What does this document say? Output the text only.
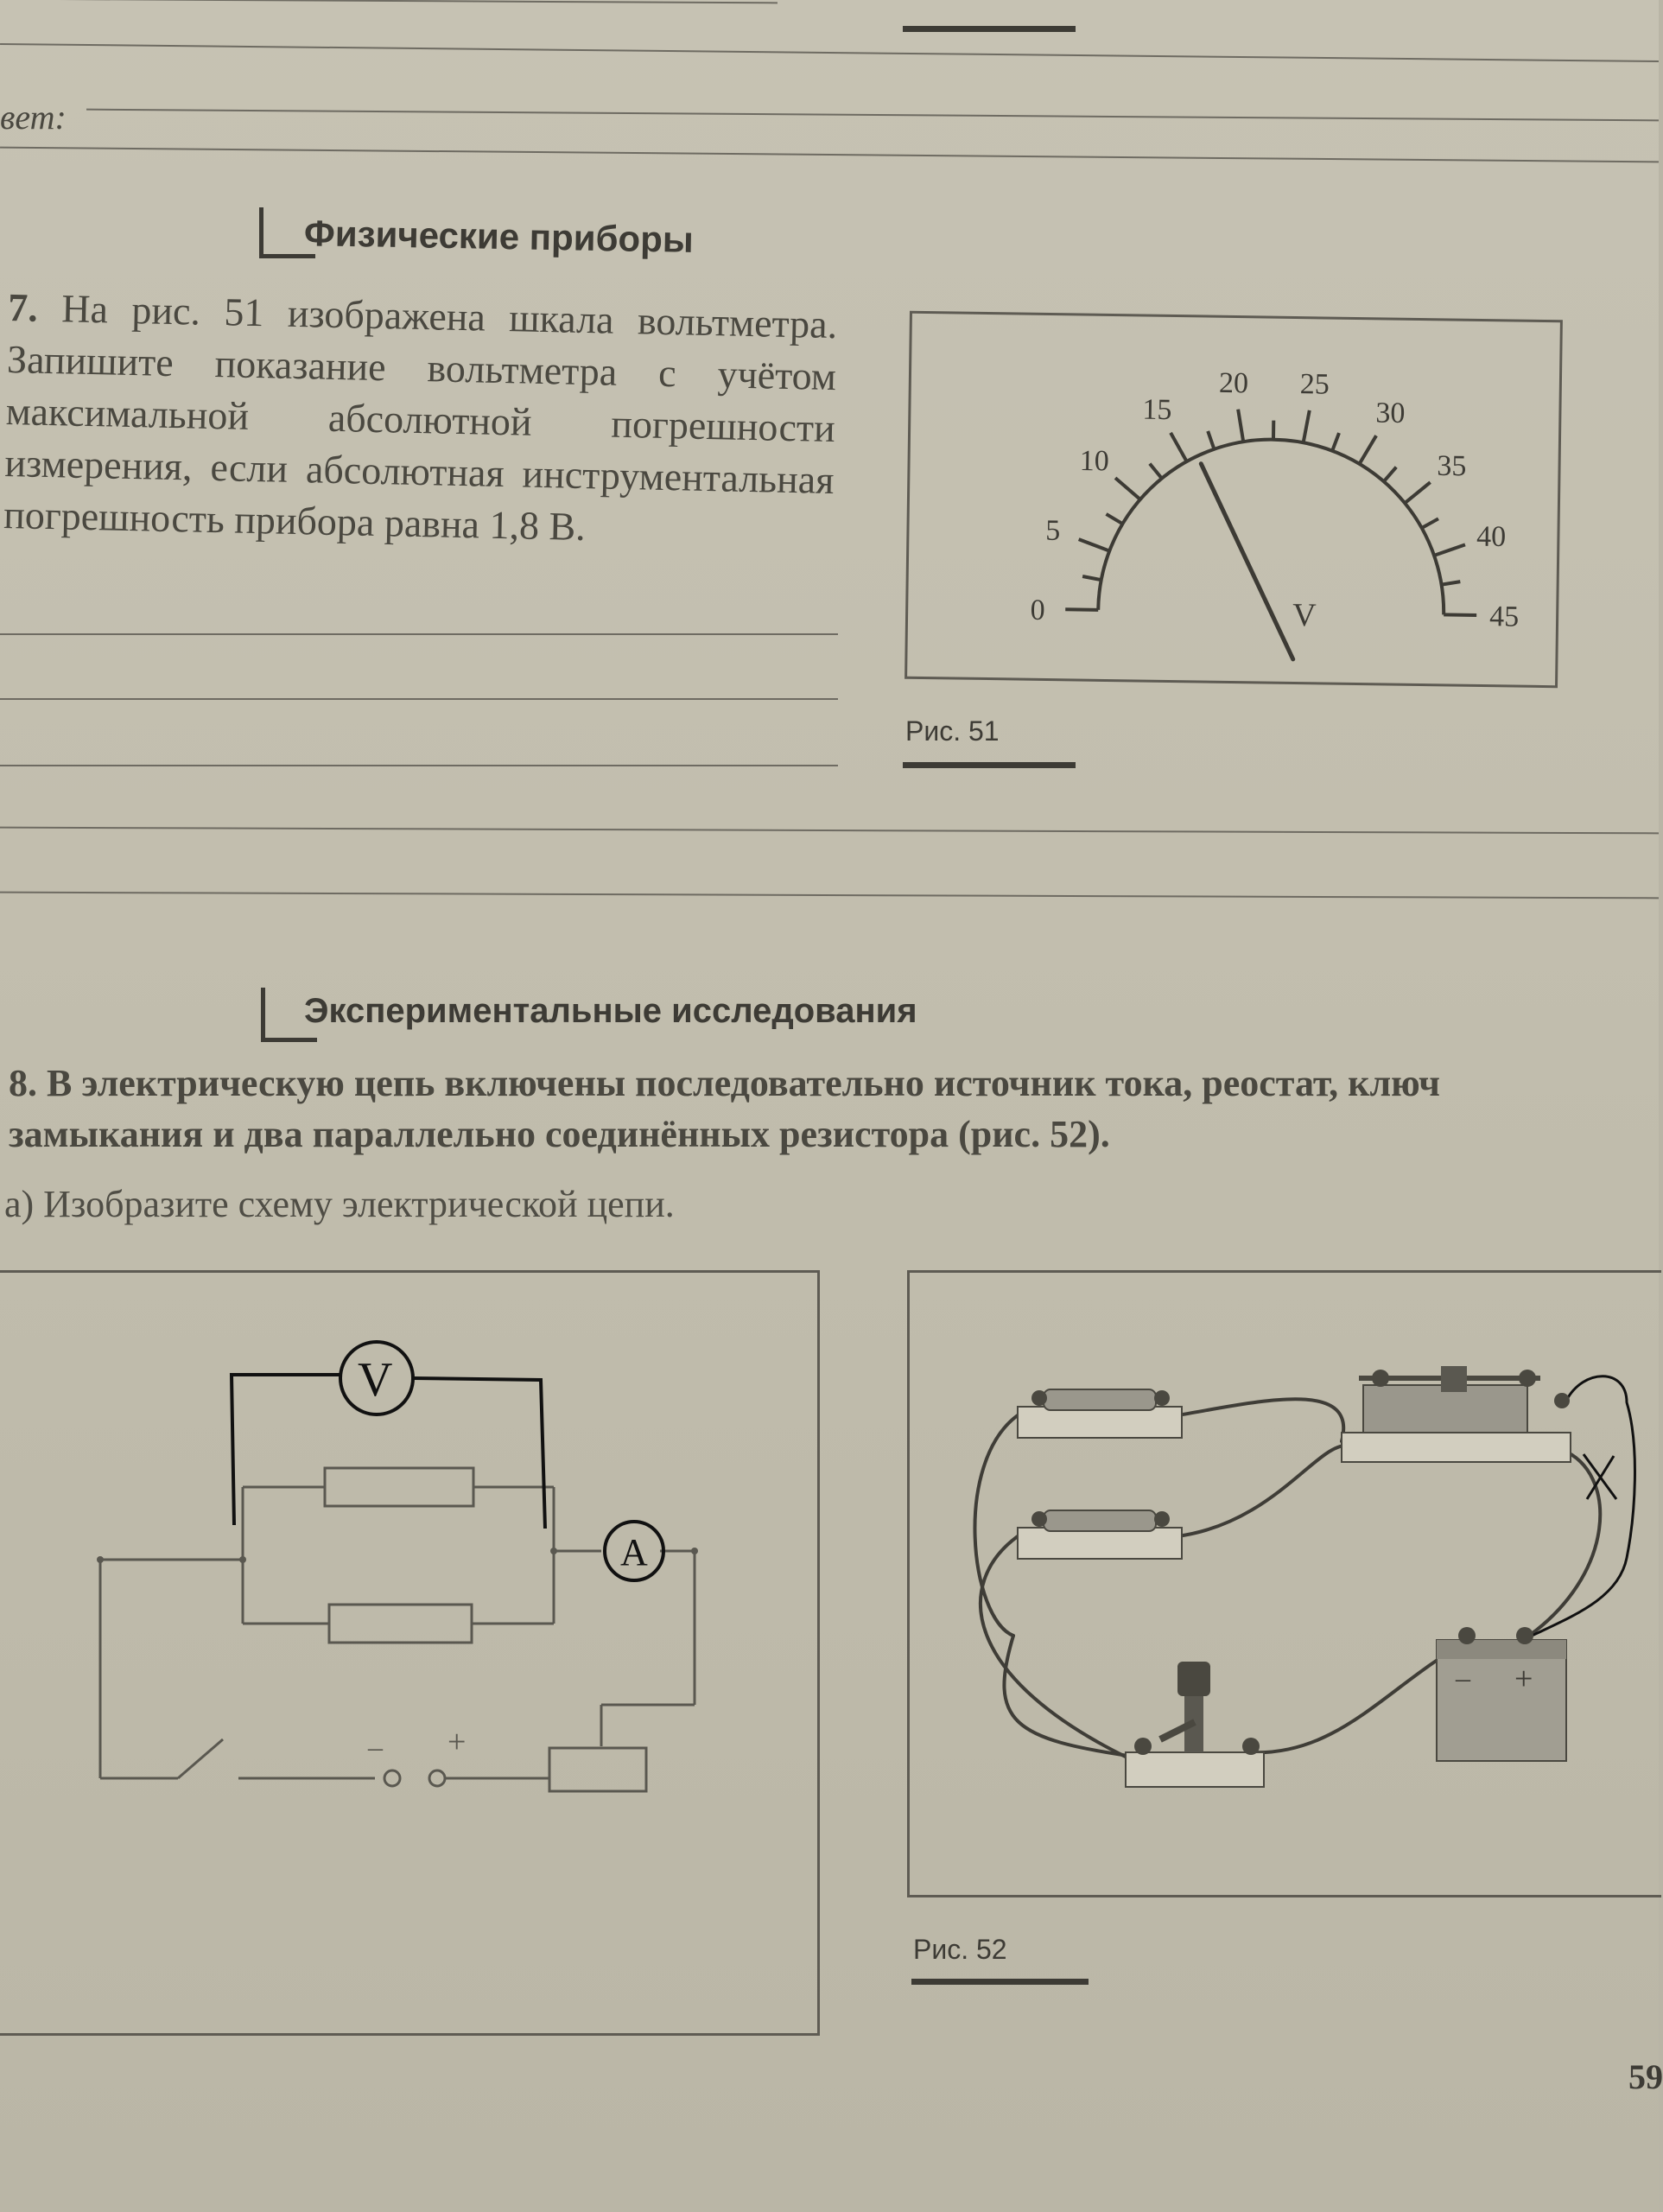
вет:
Физические приборы
7. На рис. 51 изображена шкала вольтметра. Запишите показание вольтметра с учётом максимальной абсолютной погрешности измерения, если абсолютная инструментальная погрешность прибора равна 1,8 В.
0
5
10
15
20 25
30
35
40
45
V
Рис. 51
Экспериментальные исследования
8. В электрическую цепь включены последовательно источник тока, реостат, ключ
замыкания и два параллельно соединённых резистора (рис. 52).
а) Изобразите схему электрической цепи.
– +
V
A
– +
Рис. 52
59
